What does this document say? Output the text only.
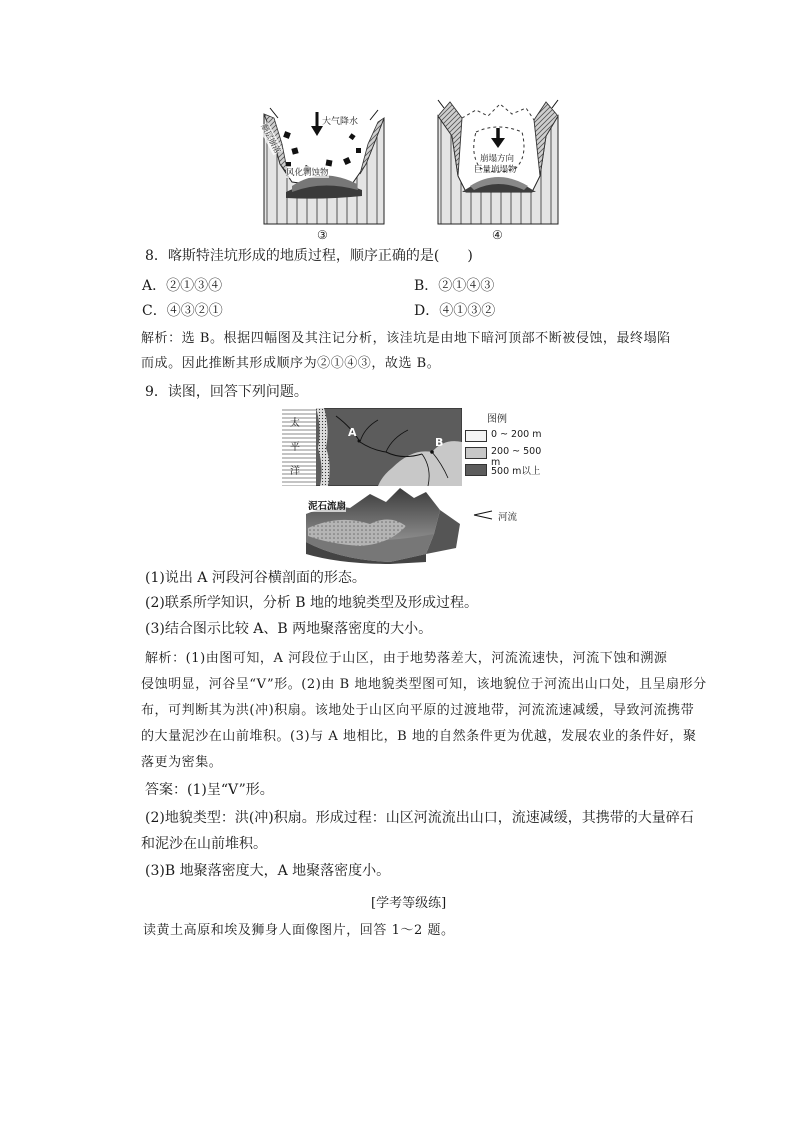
大气降水
顺层崩落
风化剥蚀物
③
崩塌方向
巨量崩塌物
④
8．喀斯特洼坑形成的地质过程，顺序正确的是(　　)
A．②①③④	B．②①④③
C．④③②①	D．④①③②
解析：选 B。根据四幅图及其注记分析，该洼坑是由地下暗河顶部不断被侵蚀，最终塌陷
而成。因此推断其形成顺序为②①④③，故选 B。
9．读图，回答下列问题。
太
平
洋
A
B
图例
0 ~ 200 m
200 ~ 500 m
500 m以上
泥石流扇
河流
(1)说出 A 河段河谷横剖面的形态。
(2)联系所学知识，分析 B 地的地貌类型及形成过程。
(3)结合图示比较 A、B 两地聚落密度的大小。
解析：(1)由图可知，A 河段位于山区，由于地势落差大，河流流速快，河流下蚀和溯源
侵蚀明显，河谷呈“V”形。(2)由 B 地地貌类型图可知，该地貌位于河流出山口处，且呈扇形分
布，可判断其为洪(冲)积扇。该地处于山区向平原的过渡地带，河流流速减缓，导致河流携带
的大量泥沙在山前堆积。(3)与 A 地相比，B 地的自然条件更为优越，发展农业的条件好，聚
落更为密集。
答案：(1)呈“V”形。
(2)地貌类型：洪(冲)积扇。形成过程：山区河流流出山口，流速减缓，其携带的大量碎石
和泥沙在山前堆积。
(3)B 地聚落密度大，A 地聚落密度小。
[学考等级练]
读黄土高原和埃及狮身人面像图片，回答 1～2 题。
